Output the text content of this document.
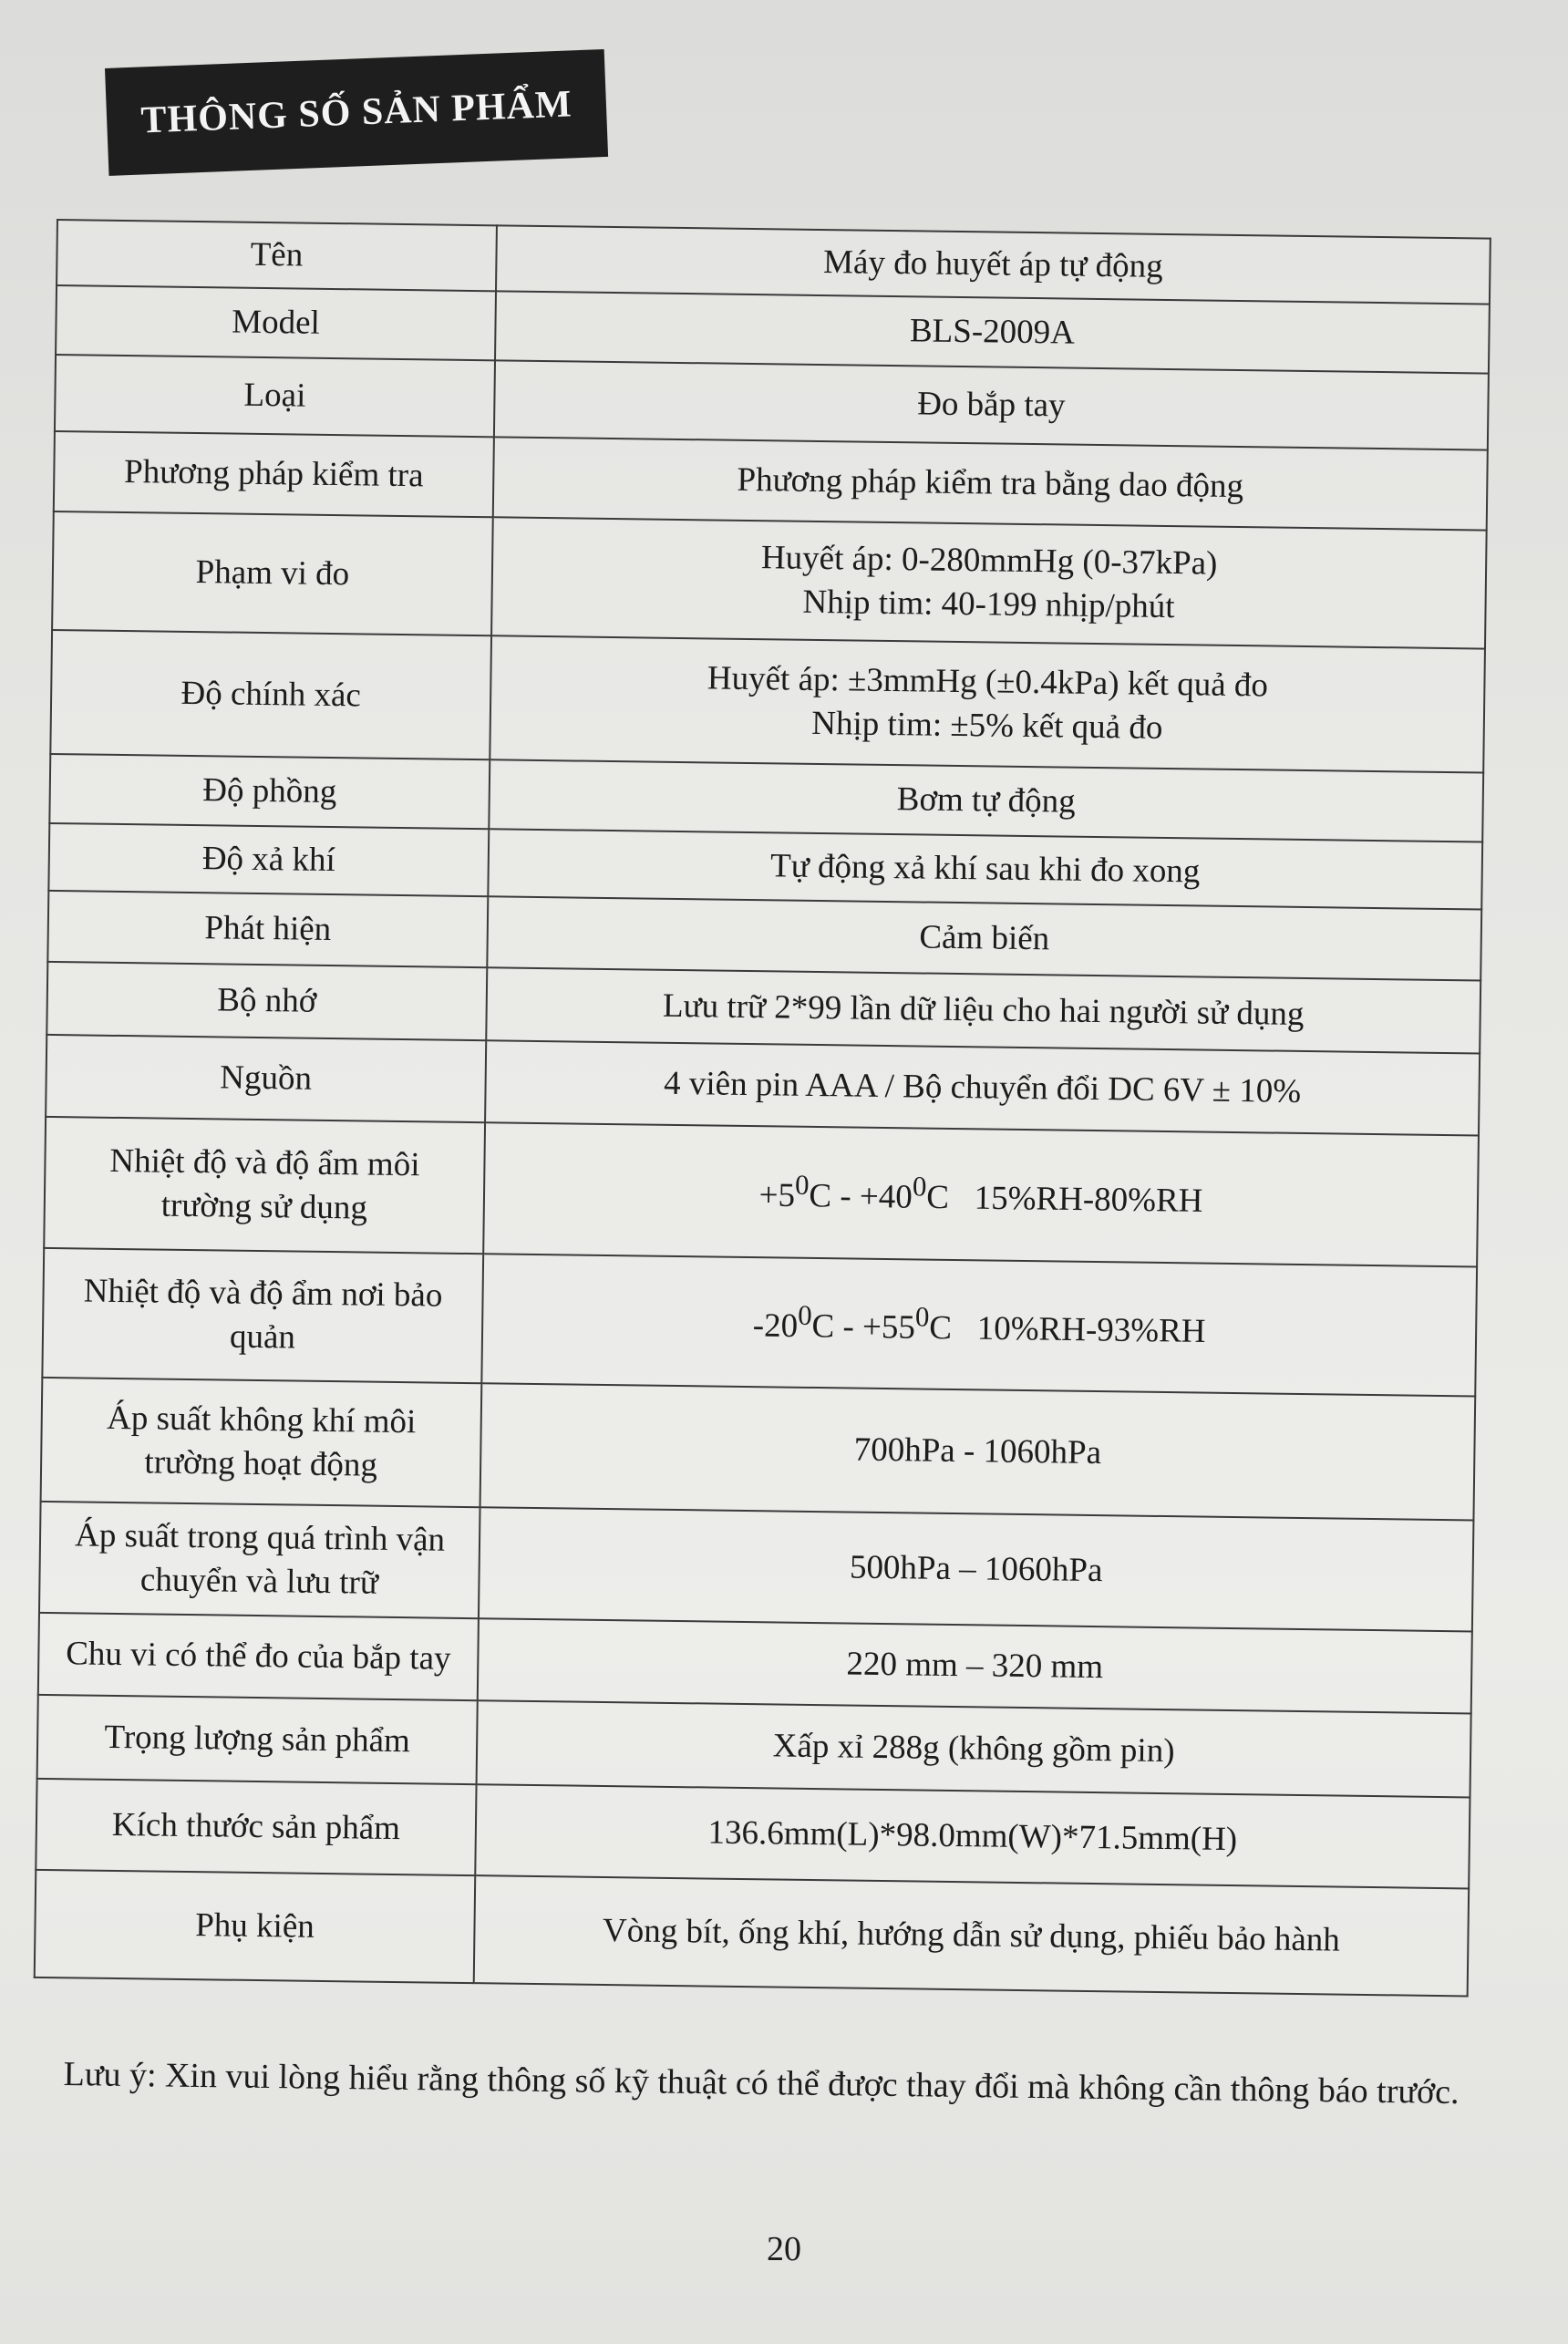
THÔNG SỐ SẢN PHẨM
Tên	Máy đo huyết áp tự động
Model	BLS-2009A
Loại	Đo bắp tay
Phương pháp kiểm tra	Phương pháp kiểm tra bằng dao động
Phạm vi đo	Huyết áp: 0-280mmHg (0-37kPa)
Nhịp tim: 40-199 nhịp/phút

Độ chính xác	Huyết áp: ±3mmHg (±0.4kPa) kết quả đo
Nhịp tim: ±5% kết quả đo

Độ phồng	Bơm tự động
Độ xả khí	Tự động xả khí sau khi đo xong
Phát hiện	Cảm biến
Bộ nhớ	Lưu trữ 2*99 lần dữ liệu cho hai người sử dụng
Nguồn	4 viên pin AAA / Bộ chuyển đổi DC 6V ± 10%

Nhiệt độ và độ ẩm môi
trường sử dụng	$+5^0C - +40^0C$   15%RH-80%RH

Nhiệt độ và độ ẩm nơi bảo
quản	$-20^0C - +55^0C$   10%RH-93%RH

Áp suất không khí môi
trường hoạt động	700hPa - 1060hPa

Áp suất trong quá trình vận
chuyển và lưu trữ	500hPa – 1060hPa
Chu vi có thể đo của bắp tay	220 mm – 320 mm
Trọng lượng sản phẩm	Xấp xỉ 288g (không gồm pin)
Kích thước sản phẩm	136.6mm(L)*98.0mm(W)*71.5mm(H)
Phụ kiện	Vòng bít, ống khí, hướng dẫn sử dụng, phiếu bảo hành
Lưu ý: Xin vui lòng hiểu rằng thông số kỹ thuật có thể được thay đổi mà không cần thông báo trước.
20
